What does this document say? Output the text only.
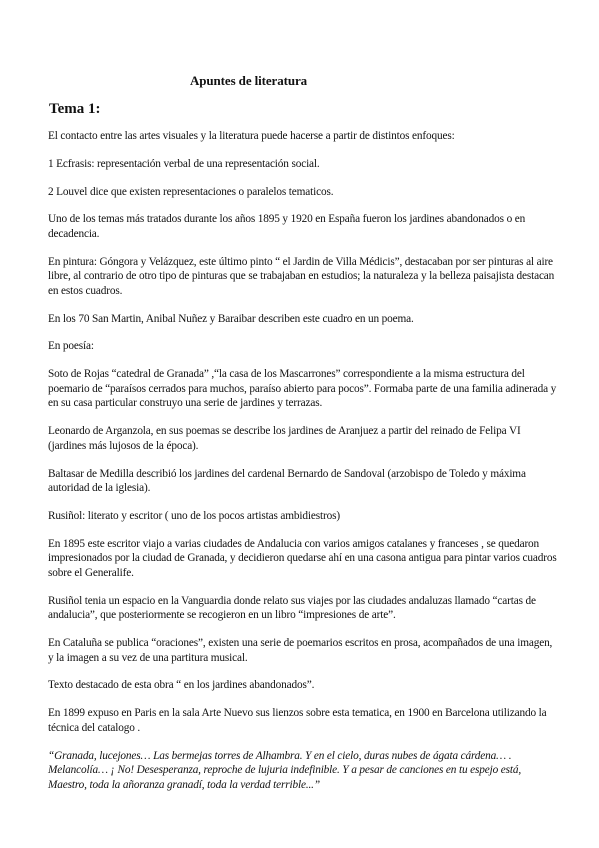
Apuntes de literatura
Tema 1:

El contacto entre las artes visuales y la literatura puede hacerse a partir de distintos enfoques:

1 Ecfrasis: representación verbal de una representación social.

2 Louvel dice que existen representaciones o paralelos tematicos.

Uno de los temas más tratados durante los años 1895 y 1920 en España fueron los jardines abandonados o en decadencia.

En pintura: Góngora y Velázquez, este último pinto “ el Jardin de Villa Médicis”, destacaban por ser pinturas al aire libre, al contrario de otro tipo de pinturas que se trabajaban en estudios; la naturaleza y la belleza paisajista destacan en estos cuadros.

En los 70 San Martin, Anibal Nuñez y Baraibar describen este cuadro en un poema.

En poesía:

Soto de Rojas “catedral de Granada” ,“la casa de los Mascarrones” correspondiente a la misma estructura del poemario de “paraísos cerrados para muchos, paraíso abierto para pocos”. Formaba parte de una familia adinerada y en su casa particular construyo una serie de jardines y terrazas.

Leonardo de Arganzola, en sus poemas se describe los jardines de Aranjuez a partir del reinado de Felipa VI (jardines más lujosos de la época).

Baltasar de Medilla describió los jardines del cardenal Bernardo de Sandoval (arzobispo de Toledo y máxima autoridad de la iglesia).

Rusiñol: literato y escritor ( uno de los pocos artistas ambidiestros)

En 1895 este escritor viajo a varias ciudades de Andalucia con varios amigos catalanes y franceses , se quedaron impresionados por la ciudad de Granada, y decidieron quedarse ahí en una casona antigua para pintar varios cuadros sobre el Generalife.

Rusiñol tenia un espacio en la Vanguardia donde relato sus viajes por las ciudades andaluzas llamado “cartas de andalucia”, que posteriormente se recogieron en un libro “impresiones de arte”.

En Cataluña se publica “oraciones”, existen una serie de poemarios escritos en prosa, acompañados de una imagen, y la imagen a su vez de una partitura musical.

Texto destacado de esta obra “ en los jardines abandonados”.

En 1899 expuso en Paris en la sala Arte Nuevo sus lienzos sobre esta tematica, en 1900 en Barcelona utilizando la técnica del catalogo .

“Granada, lucejones… Las bermejas torres de Alhambra. Y en el cielo, duras nubes de ágata cárdena… . Melancolía… ¡ No! Desesperanza, reproche de lujuria indefinible. Y a pesar de canciones en tu espejo está, Maestro, toda la añoranza granadí, toda la verdad terrible...”
